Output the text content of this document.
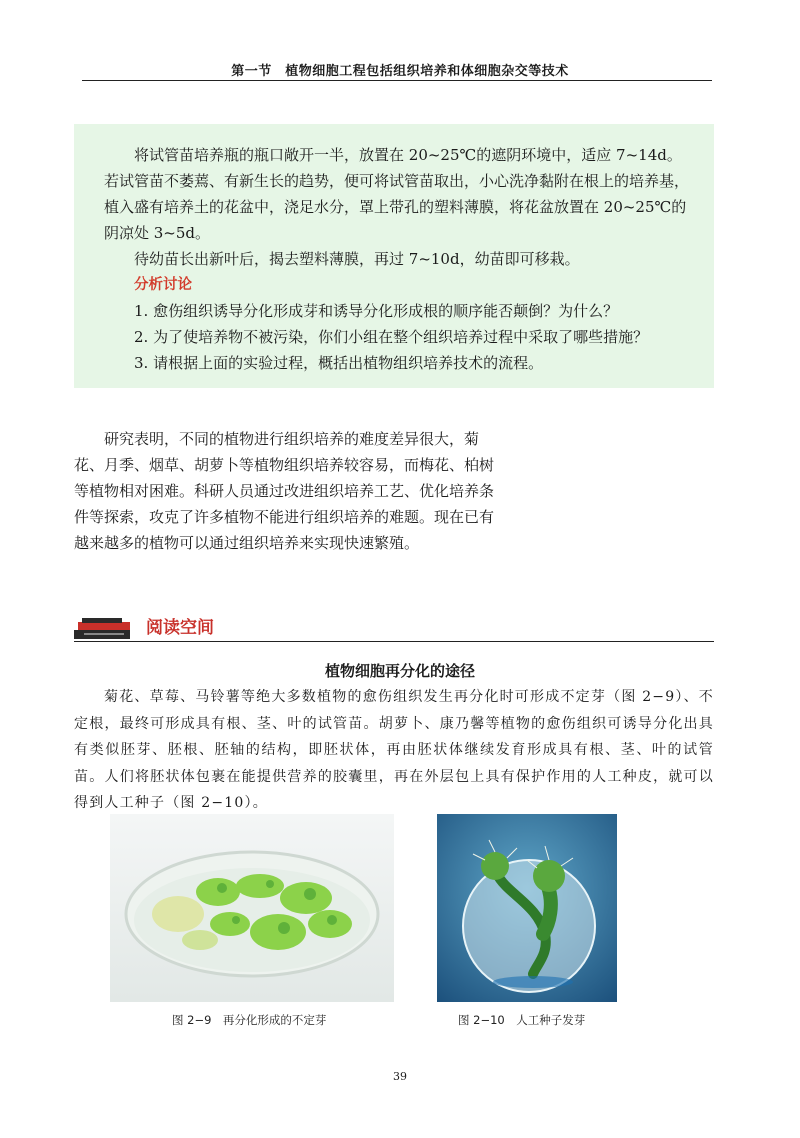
第一节　植物细胞工程包括组织培养和体细胞杂交等技术

将试管苗培养瓶的瓶口敞开一半，放置在 20~25℃的遮阴环境中，适应 7~14d。若试管苗不萎蔫、有新生长的趋势，便可将试管苗取出，小心洗净黏附在根上的培养基，植入盛有培养土的花盆中，浇足水分，罩上带孔的塑料薄膜，将花盆放置在 20~25℃的阴凉处 3~5d。

待幼苗长出新叶后，揭去塑料薄膜，再过 7~10d，幼苗即可移栽。

分析讨论

1. 愈伤组织诱导分化形成芽和诱导分化形成根的顺序能否颠倒？为什么？

2. 为了使培养物不被污染，你们小组在整个组织培养过程中采取了哪些措施？

3. 请根据上面的实验过程，概括出植物组织培养技术的流程。

研究表明，不同的植物进行组织培养的难度差异很大，菊花、月季、烟草、胡萝卜等植物组织培养较容易，而梅花、柏树等植物相对困难。科研人员通过改进组织培养工艺、优化培养条件等探索，攻克了许多植物不能进行组织培养的难题。现在已有越来越多的植物可以通过组织培养来实现快速繁殖。

阅读空间
植物细胞再分化的途径

菊花、草莓、马铃薯等绝大多数植物的愈伤组织发生再分化时可形成不定芽（图 2−9）、不定根，最终可形成具有根、茎、叶的试管苗。胡萝卜、康乃馨等植物的愈伤组织可诱导分化出具有类似胚芽、胚根、胚轴的结构，即胚状体，再由胚状体继续发育形成具有根、茎、叶的试管苗。人们将胚状体包裹在能提供营养的胶囊里，再在外层包上具有保护作用的人工种皮，就可以得到人工种子（图 2−10）。

图 2−9　再分化形成的不定芽	图 2−10　人工种子发芽
39
